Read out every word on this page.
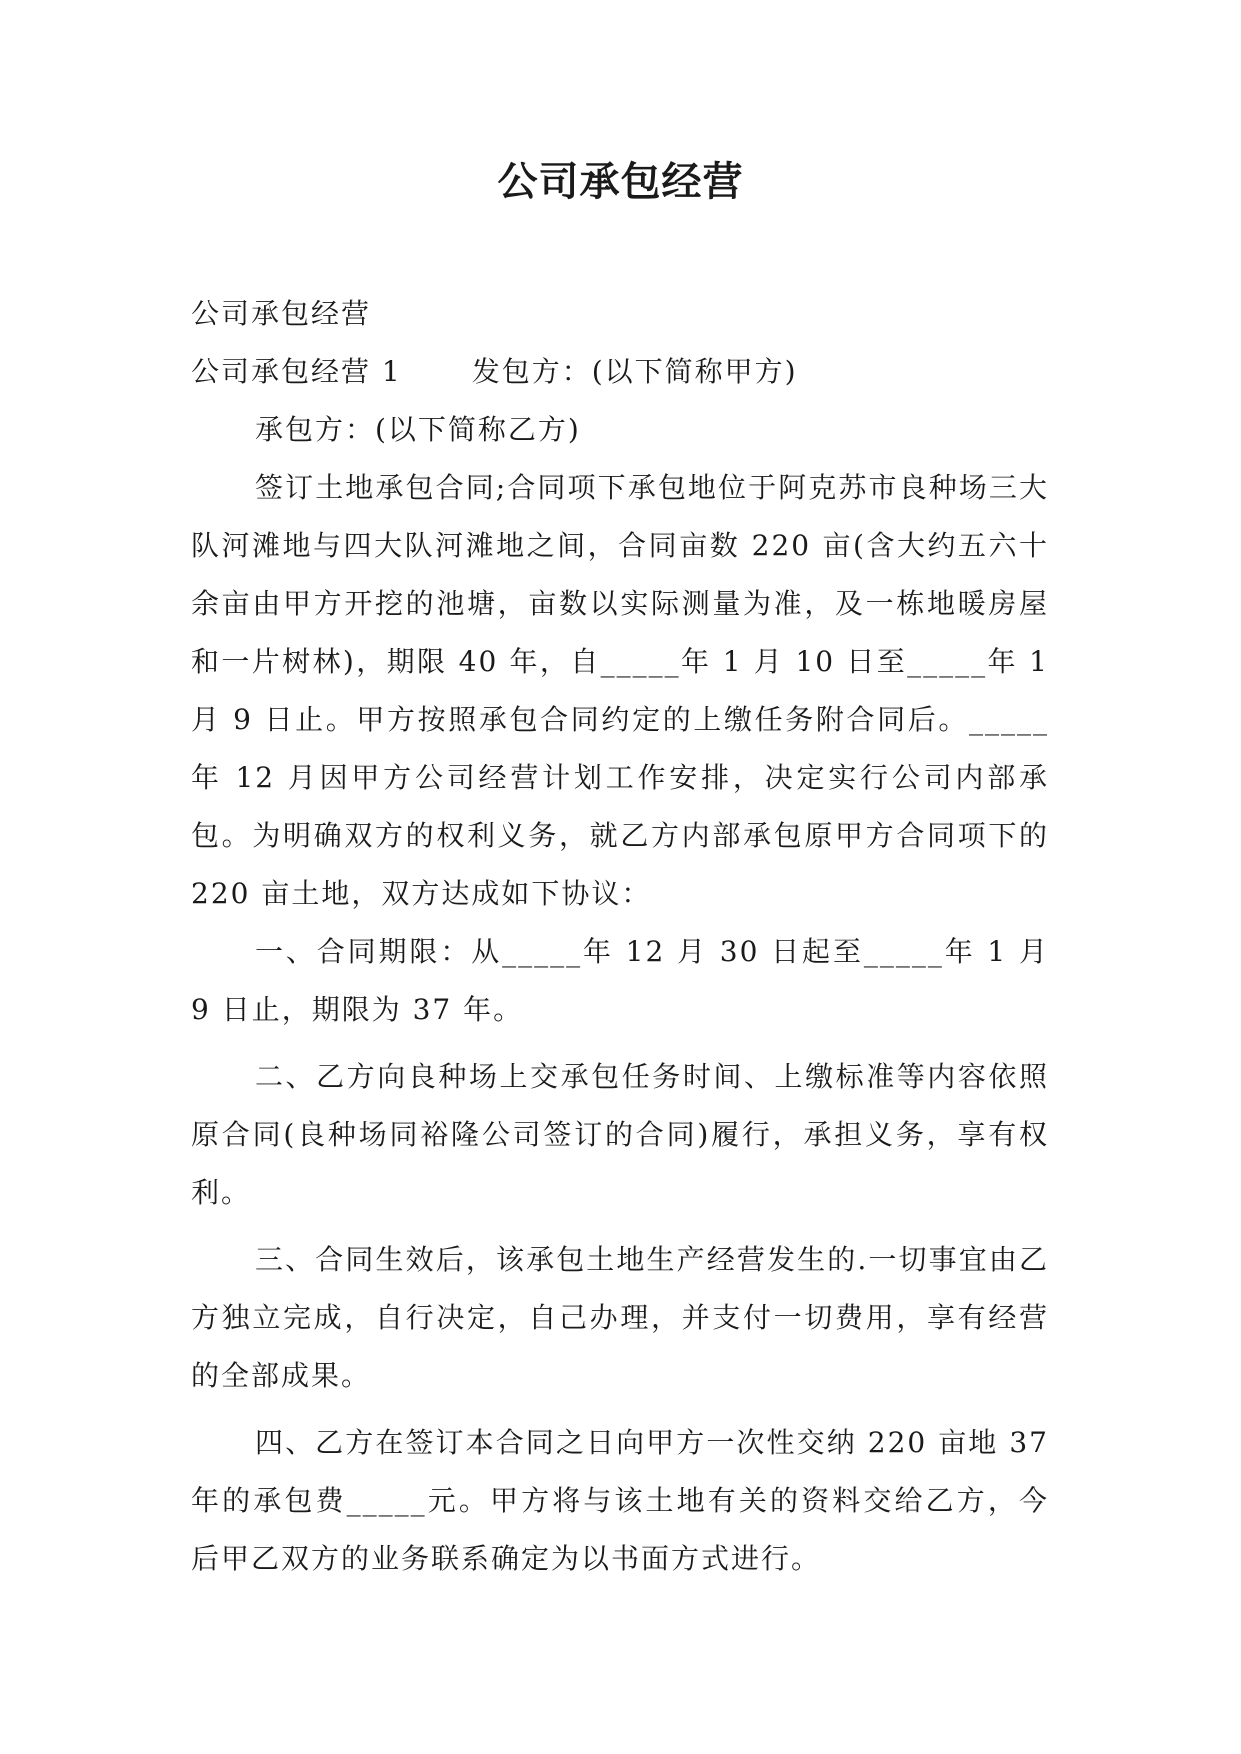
公司承包经营

公司承包经营

公司承包经营 1	发包方：(以下简称甲方)

承包方：(以下简称乙方)

签订土地承包合同;合同项下承包地位于阿克苏市良种场三大队河滩地与四大队河滩地之间，合同亩数 220 亩(含大约五六十余亩由甲方开挖的池塘，亩数以实际测量为准，及一栋地暖房屋和一片树林)，期限 40 年，自_____年 1 月 10 日至_____年 1 月 9 日止。甲方按照承包合同约定的上缴任务附合同后。_____年 12 月因甲方公司经营计划工作安排，决定实行公司内部承包。为明确双方的权利义务，就乙方内部承包原甲方合同项下的 220 亩土地，双方达成如下协议：

一、合同期限：从_____年 12 月 30 日起至_____年 1 月 9 日止，期限为 37 年。

二、乙方向良种场上交承包任务时间、上缴标准等内容依照原合同(良种场同裕隆公司签订的合同)履行，承担义务，享有权利。

三、合同生效后，该承包土地生产经营发生的.一切事宜由乙方独立完成，自行决定，自己办理，并支付一切费用，享有经营的全部成果。

四、乙方在签订本合同之日向甲方一次性交纳 220 亩地 37 年的承包费_____元。甲方将与该土地有关的资料交给乙方，今后甲乙双方的业务联系确定为以书面方式进行。
